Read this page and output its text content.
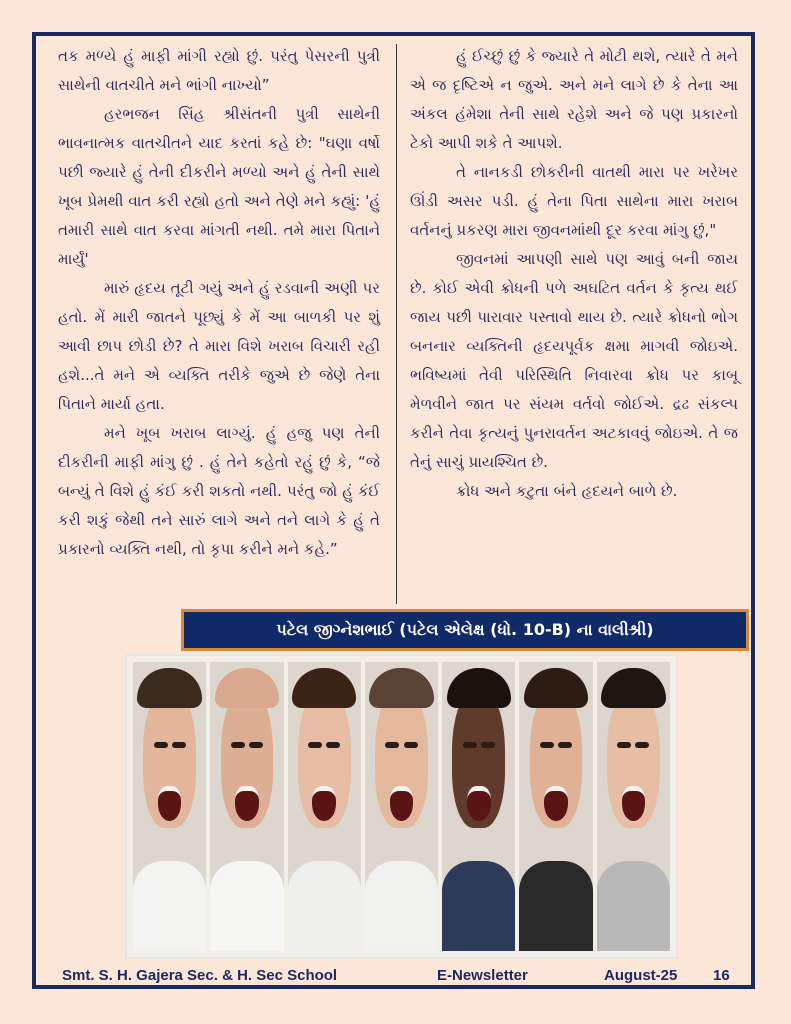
તક મળ્યે હું માફી માંગી રહ્યો છું. પરંતુ પેસરની પુત્રી સાથેની વાતચીતે મને ભાંગી નાખ્યો”

હરભજન સિંહ શ્રીસંતની પુત્રી સાથેની ભાવનાત્મક વાતચીતને યાદ કરતાં કહે છે: "ઘણા વર્ષો પછી જ્યારે હું તેની દીકરીને મળ્યો અને હું તેની સાથે ખૂબ પ્રેમથી વાત કરી રહ્યો હતો અને તેણે મને કહ્યું: 'હું તમારી સાથે વાત કરવા માંગતી નથી. તમે મારા પિતાને માર્યું'

મારું હૃદય તૂટી ગયું અને હું રડવાની અણી પર હતો. મેં મારી જાતને પૂછ્યું કે મેં આ બાળકી પર શું આવી છાપ છોડી છે? તે મારા વિશે ખરાબ વિચારી રહી હશે...તે મને એ વ્યક્તિ તરીકે જુએ છે જેણે તેના પિતાને માર્યા હતા.

મને ખૂબ ખરાબ લાગ્યું. હું હજુ પણ તેની દીકરીની માફી માંગુ છું . હું તેને કહેતો રહું છું કે, “જે બન્યું તે વિશે હું કંઈ કરી શકતો નથી. પરંતુ જો હું કંઈ કરી શકું જેથી તને સારું લાગે અને તને લાગે કે હું તે પ્રકારનો વ્યક્તિ નથી, તો કૃપા કરીને મને કહે.”

હું ઈચ્છું છું કે જ્યારે તે મોટી થશે, ત્યારે તે મને એ જ દૃષ્ટિએ ન જુએ. અને મને લાગે છે કે તેના આ અંકલ હંમેશા તેની સાથે રહેશે અને જે પણ પ્રકારનો ટેકો આપી શકે તે આપશે.

તે નાનકડી છોકરીની વાતથી મારા પર ખરેખર ઊંડી અસર પડી. હું તેના પિતા સાથેના મારા ખરાબ વર્તનનું પ્રકરણ મારા જીવનમાંથી દૂર કરવા માંગુ છું,"

જીવનમાં આપણી સાથે પણ આવું બની જાય છે. કોઈ એવી ક્રોધની પળે અઘટિત વર્તન કે કૃત્ય થઈ જાય પછી પારાવાર પસ્તાવો થાય છે. ત્યારે ક્રોધનો ભોગ બનનાર વ્યક્તિની હૃદયપૂર્વક ક્ષમા માગવી જોઇએ. ભવિષ્યમાં તેવી પરિસ્થિતિ નિવારવા ક્રોધ પર કાબૂ મેળવીને જાત પર સંયમ વર્તવો જોઈએ. દ્રઢ સંકલ્પ કરીને તેવા કૃત્યનું પુનરાવર્તન અટકાવવું જોઇએ. તે જ તેનું સાચું પ્રાયશ્ચિત છે.

ક્રોધ અને કટુતા બંને હૃદયને બાળે છે.

પટેલ જીગ્નેશભાઈ (પટેલ એલેક્ષ (ધો. 10-B) ના વાલીશ્રી)
Smt. S. H. Gajera Sec. & H. Sec School	E-Newsletter	August-25 16
